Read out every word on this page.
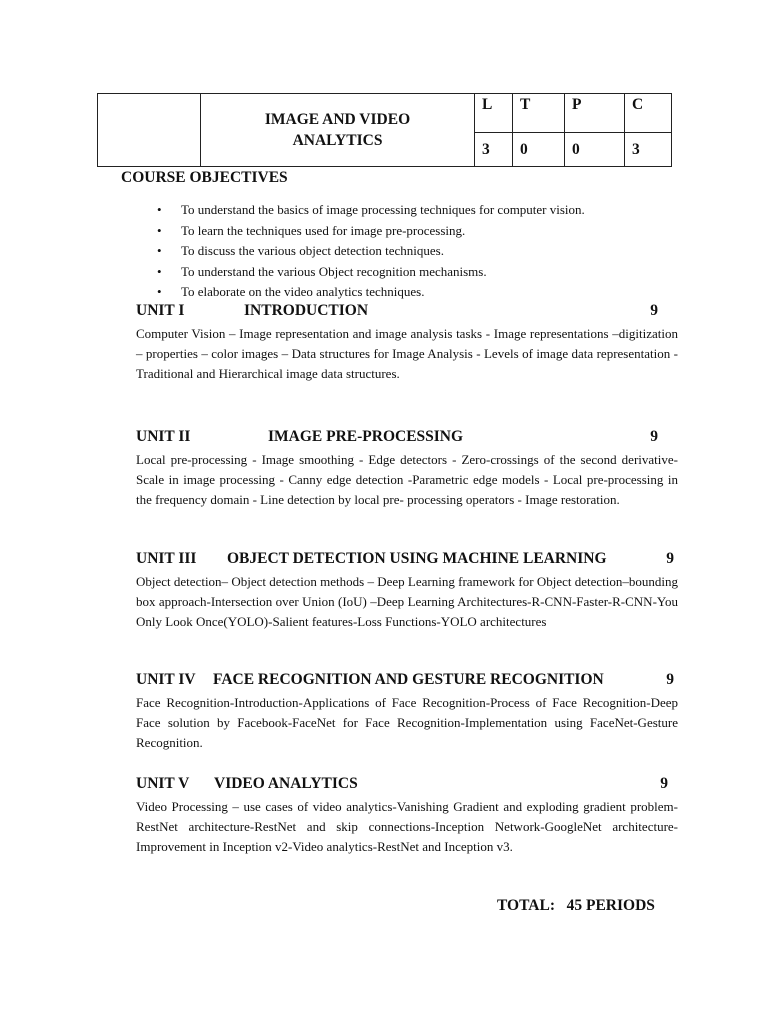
	IMAGE AND VIDEO
ANALYTICS	L	T	P	C
		3	0	0	3
COURSE OBJECTIVES
• To understand the basics of image processing techniques for computer vision.
• To learn the techniques used for image pre-processing.
• To discuss the various object detection techniques.
• To understand the various Object recognition mechanisms.
• To elaborate on the video analytics techniques.
UNIT I	INTRODUCTION	9
Computer Vision – Image representation and image analysis tasks - Image representations –digitization – properties – color images – Data structures for Image Analysis - Levels of image data representation - Traditional and Hierarchical image data structures.
UNIT II	IMAGE PRE-PROCESSING	9
Local pre-processing - Image smoothing - Edge detectors - Zero-crossings of the second derivative- Scale in image processing - Canny edge detection -Parametric edge models - Local pre-processing in the frequency domain - Line detection by local pre- processing operators - Image restoration.
UNIT III OBJECT DETECTION USING MACHINE LEARNING	9
Object detection– Object detection methods – Deep Learning framework for Object detection–bounding box approach-Intersection over Union (IoU) –Deep Learning Architectures-R-CNN-Faster-R-CNN-You Only Look Once(YOLO)-Salient features-Loss Functions-YOLO architectures
UNIT IV FACE RECOGNITION AND GESTURE RECOGNITION	9
Face Recognition-Introduction-Applications of Face Recognition-Process of Face Recognition-Deep Face solution by Facebook-FaceNet for Face Recognition-Implementation using FaceNet-Gesture Recognition.
UNIT V VIDEO ANALYTICS	9
Video Processing – use cases of video analytics-Vanishing Gradient and exploding gradient problem-RestNet architecture-RestNet and skip connections-Inception Network-GoogleNet architecture-Improvement in Inception v2-Video analytics-RestNet and Inception v3.
TOTAL: 45 PERIODS
